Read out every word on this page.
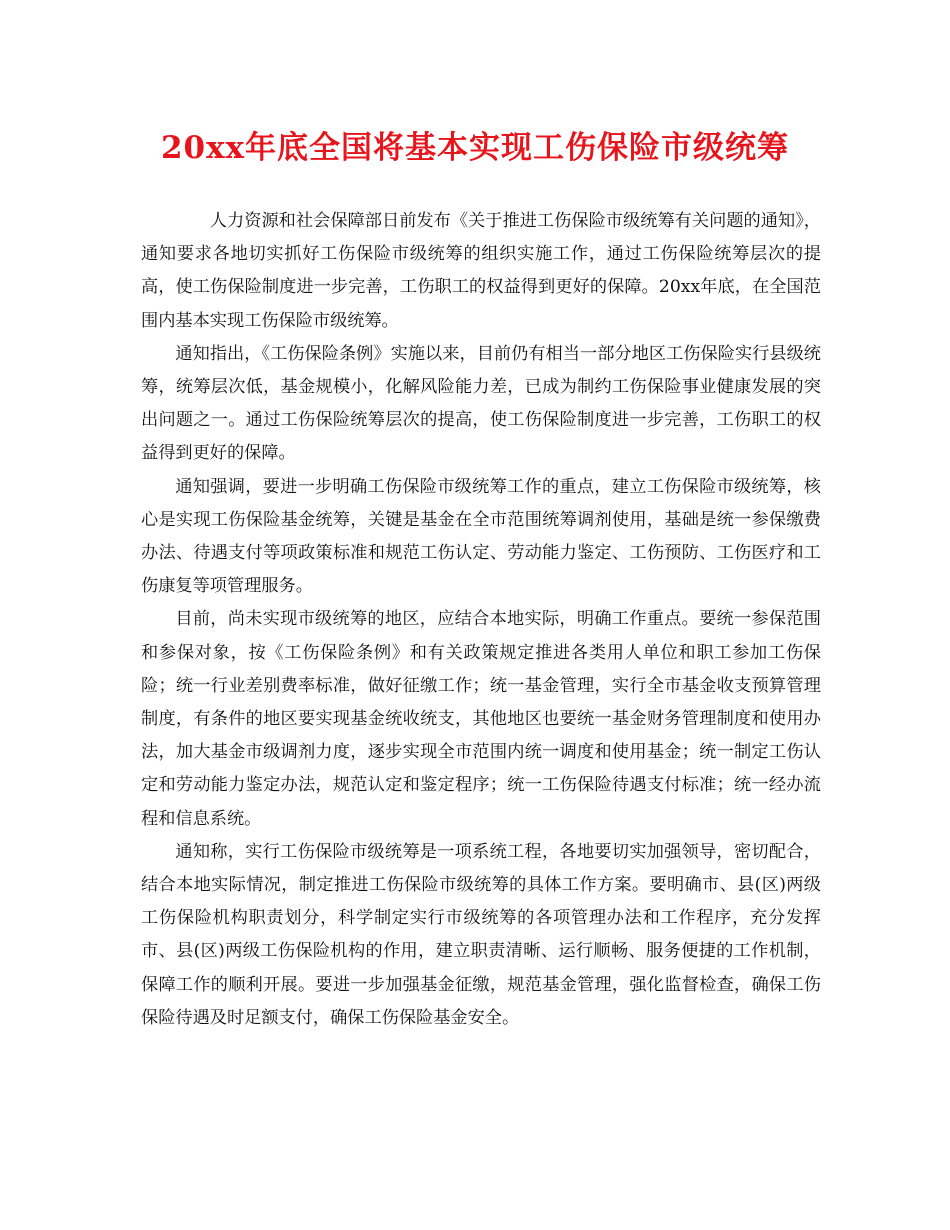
20xx年底全国将基本实现工伤保险市级统筹

人力资源和社会保障部日前发布《关于推进工伤保险市级统筹有关问题的通知》，通知要求各地切实抓好工伤保险市级统筹的组织实施工作，通过工伤保险统筹层次的提高，使工伤保险制度进一步完善，工伤职工的权益得到更好的保障。20xx年底，在全国范围内基本实现工伤保险市级统筹。

通知指出，《工伤保险条例》实施以来，目前仍有相当一部分地区工伤保险实行县级统筹，统筹层次低，基金规模小，化解风险能力差，已成为制约工伤保险事业健康发展的突出问题之一。通过工伤保险统筹层次的提高，使工伤保险制度进一步完善，工伤职工的权益得到更好的保障。

通知强调，要进一步明确工伤保险市级统筹工作的重点，建立工伤保险市级统筹，核心是实现工伤保险基金统筹，关键是基金在全市范围统筹调剂使用，基础是统一参保缴费办法、待遇支付等项政策标准和规范工伤认定、劳动能力鉴定、工伤预防、工伤医疗和工伤康复等项管理服务。

目前，尚未实现市级统筹的地区，应结合本地实际，明确工作重点。要统一参保范围和参保对象，按《工伤保险条例》和有关政策规定推进各类用人单位和职工参加工伤保险；统一行业差别费率标准，做好征缴工作；统一基金管理，实行全市基金收支预算管理制度，有条件的地区要实现基金统收统支，其他地区也要统一基金财务管理制度和使用办法，加大基金市级调剂力度，逐步实现全市范围内统一调度和使用基金；统一制定工伤认定和劳动能力鉴定办法，规范认定和鉴定程序；统一工伤保险待遇支付标准；统一经办流程和信息系统。

通知称，实行工伤保险市级统筹是一项系统工程，各地要切实加强领导，密切配合，结合本地实际情况，制定推进工伤保险市级统筹的具体工作方案。要明确市、县(区)两级工伤保险机构职责划分，科学制定实行市级统筹的各项管理办法和工作程序，充分发挥市、县(区)两级工伤保险机构的作用，建立职责清晰、运行顺畅、服务便捷的工作机制，保障工作的顺利开展。要进一步加强基金征缴，规范基金管理，强化监督检查，确保工伤保险待遇及时足额支付，确保工伤保险基金安全。
